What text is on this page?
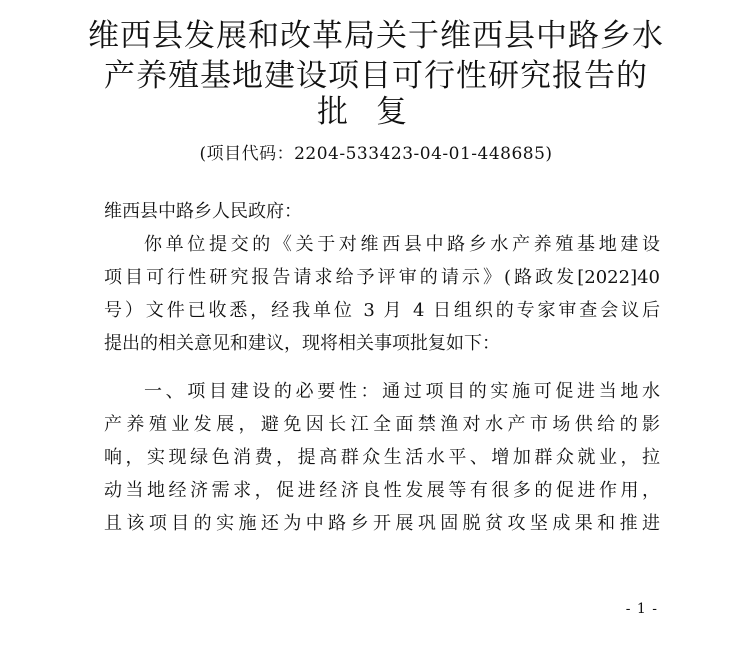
维西县发展和改革局关于维西县中路乡水
产养殖基地建设项目可行性研究报告的
批复
(项目代码：2204-533423-04-01-448685)
维西县中路乡人民政府：
你单位提交的《关于对维西县中路乡水产养殖基地建设
项目可行性研究报告请求给予评审的请示》(路政发[2022]40
号）文件已收悉，经我单位 3 月 4 日组织的专家审查会议后
提出的相关意见和建议，现将相关事项批复如下：
一、项目建设的必要性：通过项目的实施可促进当地水
产养殖业发展，避免因长江全面禁渔对水产市场供给的影
响，实现绿色消费，提高群众生活水平、增加群众就业，拉
动当地经济需求，促进经济良性发展等有很多的促进作用，
且该项目的实施还为中路乡开展巩固脱贫攻坚成果和推进
- 1 -
